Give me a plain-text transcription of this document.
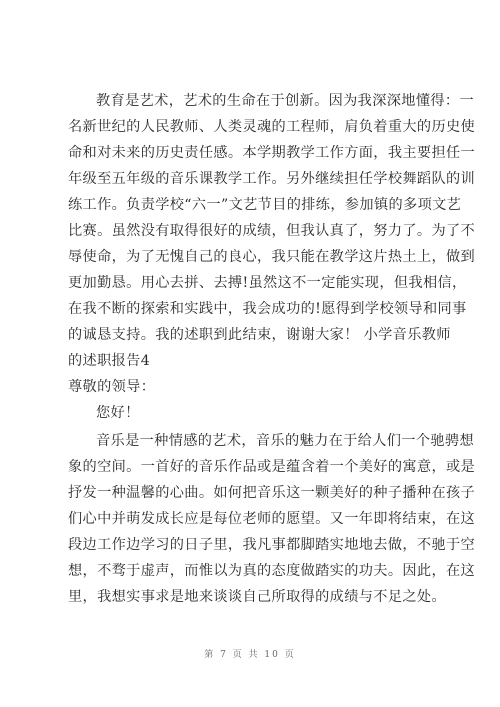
教育是艺术，艺术的生命在于创新。因为我深深地懂得：一
名新世纪的人民教师、人类灵魂的工程师，肩负着重大的历史使
命和对未来的历史责任感。本学期教学工作方面，我主要担任一
年级至五年级的音乐课教学工作。另外继续担任学校舞蹈队的训
练工作。负责学校“六一”文艺节目的排练，参加镇的多项文艺
比赛。虽然没有取得很好的成绩，但我认真了，努力了。为了不
辱使命，为了无愧自己的良心，我只能在教学这片热土上，做到
更加勤恳。用心去拼、去搏!虽然这不一定能实现，但我相信，
在我不断的探索和实践中，我会成功的!愿得到学校领导和同事
的诚恳支持。我的述职到此结束，谢谢大家！ 小学音乐教师
的述职报告4
尊敬的领导：
您好！
音乐是一种情感的艺术，音乐的魅力在于给人们一个驰骋想
象的空间。一首好的音乐作品或是蕴含着一个美好的寓意，或是
抒发一种温馨的心曲。如何把音乐这一颗美好的种子播种在孩子
们心中并萌发成长应是每位老师的愿望。又一年即将结束，在这
段边工作边学习的日子里，我凡事都脚踏实地地去做，不驰于空
想，不骛于虚声，而惟以为真的态度做踏实的功夫。因此，在这
里，我想实事求是地来谈谈自己所取得的成绩与不足之处。
第 7 页 共 10 页
